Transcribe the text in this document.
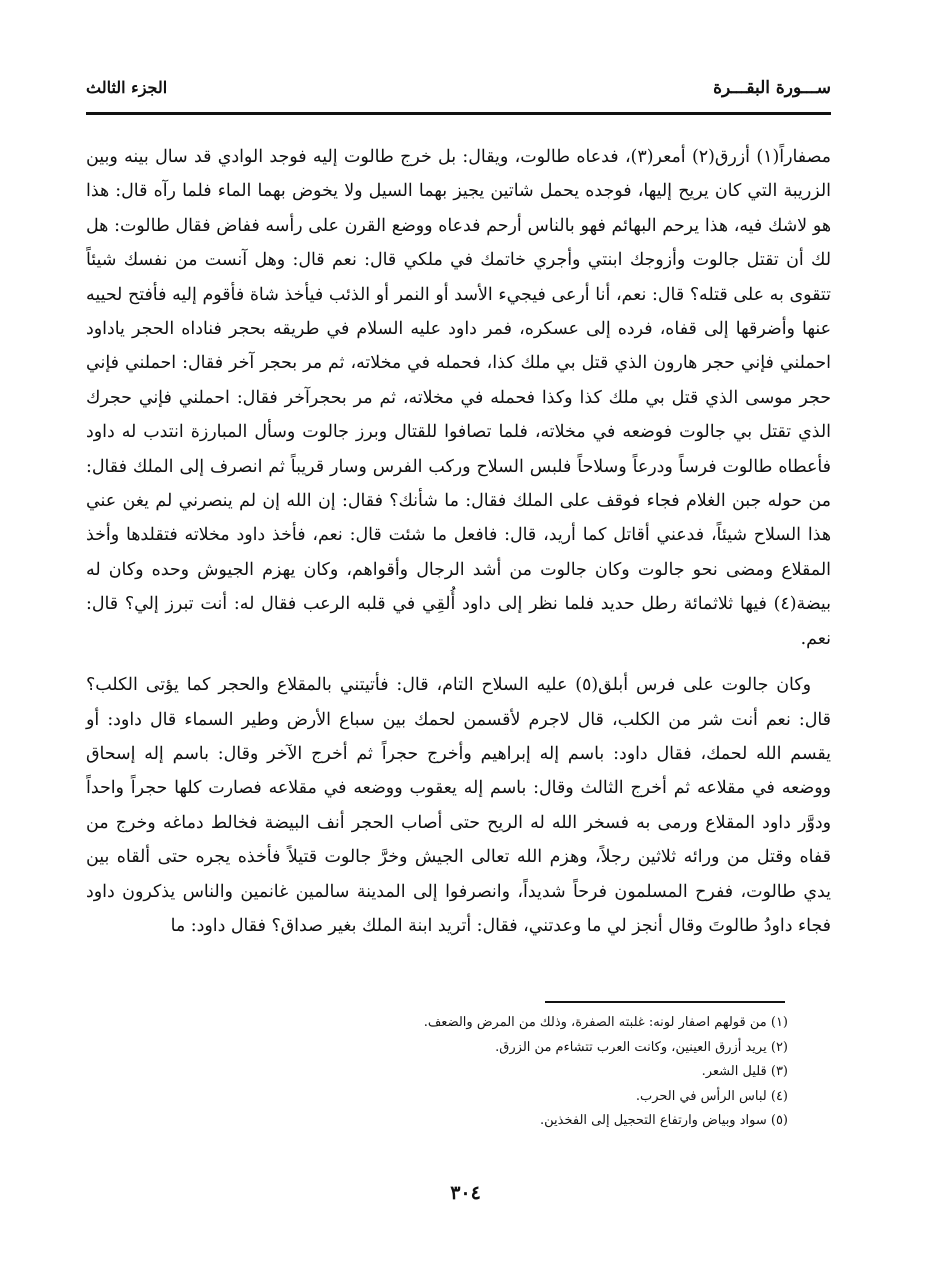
ســـورة البقـــرة
الجزء الثالث

مصفاراً(١) أزرق(٢) أمعر(٣)، فدعاه طالوت، ويقال: بل خرج طالوت إليه فوجد الوادي قد سال بينه وبين الزريبة التي كان يريح إليها، فوجده يحمل شاتين يجيز بهما السيل ولا يخوض بهما الماء فلما رآه قال: هذا هو لاشك فيه، هذا يرحم البهائم فهو بالناس أرحم فدعاه ووضع القرن على رأسه ففاض فقال طالوت: هل لك أن تقتل جالوت وأزوجك ابنتي وأجري خاتمك في ملكي قال: نعم قال: وهل آنست من نفسك شيئاً تتقوى به على قتله؟ قال: نعم، أنا أرعى فيجيء الأسد أو النمر أو الذئب فيأخذ شاة فأقوم إليه فأفتح لحييه عنها وأضرقها إلى قفاه، فرده إلى عسكره، فمر داود عليه السلام في طريقه بحجر فناداه الحجر ياداود احملني فإني حجر هارون الذي قتل بي ملك كذا، فحمله في مخلاته، ثم مر بحجر آخر فقال: احملني فإني حجر موسى الذي قتل بي ملك كذا وكذا فحمله في مخلاته، ثم مر بحجرآخر فقال: احملني فإني حجرك الذي تقتل بي جالوت فوضعه في مخلاته، فلما تصافوا للقتال وبرز جالوت وسأل المبارزة انتدب له داود فأعطاه طالوت فرساً ودرعاً وسلاحاً فلبس السلاح وركب الفرس وسار قريباً ثم انصرف إلى الملك فقال: من حوله جبن الغلام فجاء فوقف على الملك فقال: ما شأنك؟ فقال: إن الله إن لم ينصرني لم يغن عني هذا السلاح شيئاً، فدعني أقاتل كما أريد، قال: فافعل ما شئت قال: نعم، فأخذ داود مخلاته فتقلدها وأخذ المقلاع ومضى نحو جالوت وكان جالوت من أشد الرجال وأقواهم، وكان يهزم الجيوش وحده وكان له بيضة(٤) فيها ثلاثمائة رطل حديد فلما نظر إلى داود أُلقِي في قلبه الرعب فقال له: أنت تبرز إلي؟ قال: نعم.

وكان جالوت على فرس أبلق(٥) عليه السلاح التام، قال: فأتيتني بالمقلاع والحجر كما يؤتى الكلب؟ قال: نعم أنت شر من الكلب، قال لاجرم لأقسمن لحمك بين سباع الأرض وطير السماء قال داود: أو يقسم الله لحمك، فقال داود: باسم إله إبراهيم وأخرج حجراً ثم أخرج الآخر وقال: باسم إله إسحاق ووضعه في مقلاعه ثم أخرج الثالث وقال: باسم إله يعقوب ووضعه في مقلاعه فصارت كلها حجراً واحداً ودوَّر داود المقلاع ورمى به فسخر الله له الريح حتى أصاب الحجر أنف البيضة فخالط دماغه وخرج من قفاه وقتل من ورائه ثلاثين رجلاً، وهزم الله تعالى الجيش وخرَّ جالوت قتيلاً فأخذه يجره حتى ألقاه بين يدي طالوت، ففرح المسلمون فرحاً شديداً، وانصرفوا إلى المدينة سالمين غانمين والناس يذكرون داود فجاء داودُ طالوتَ وقال أنجز لي ما وعدتني، فقال: أتريد ابنة الملك بغير صداق؟ فقال داود: ما

(١) من قولهم اصفار لونه: غلبته الصفرة، وذلك من المرض والضعف.
(٢) يريد أزرق العينين، وكانت العرب تتشاءم من الزرق.
(٣) قليل الشعر.
(٤) لباس الرأس في الحرب.
(٥) سواد وبياض وارتفاع التحجيل إلى الفخذين.
٣٠٤
